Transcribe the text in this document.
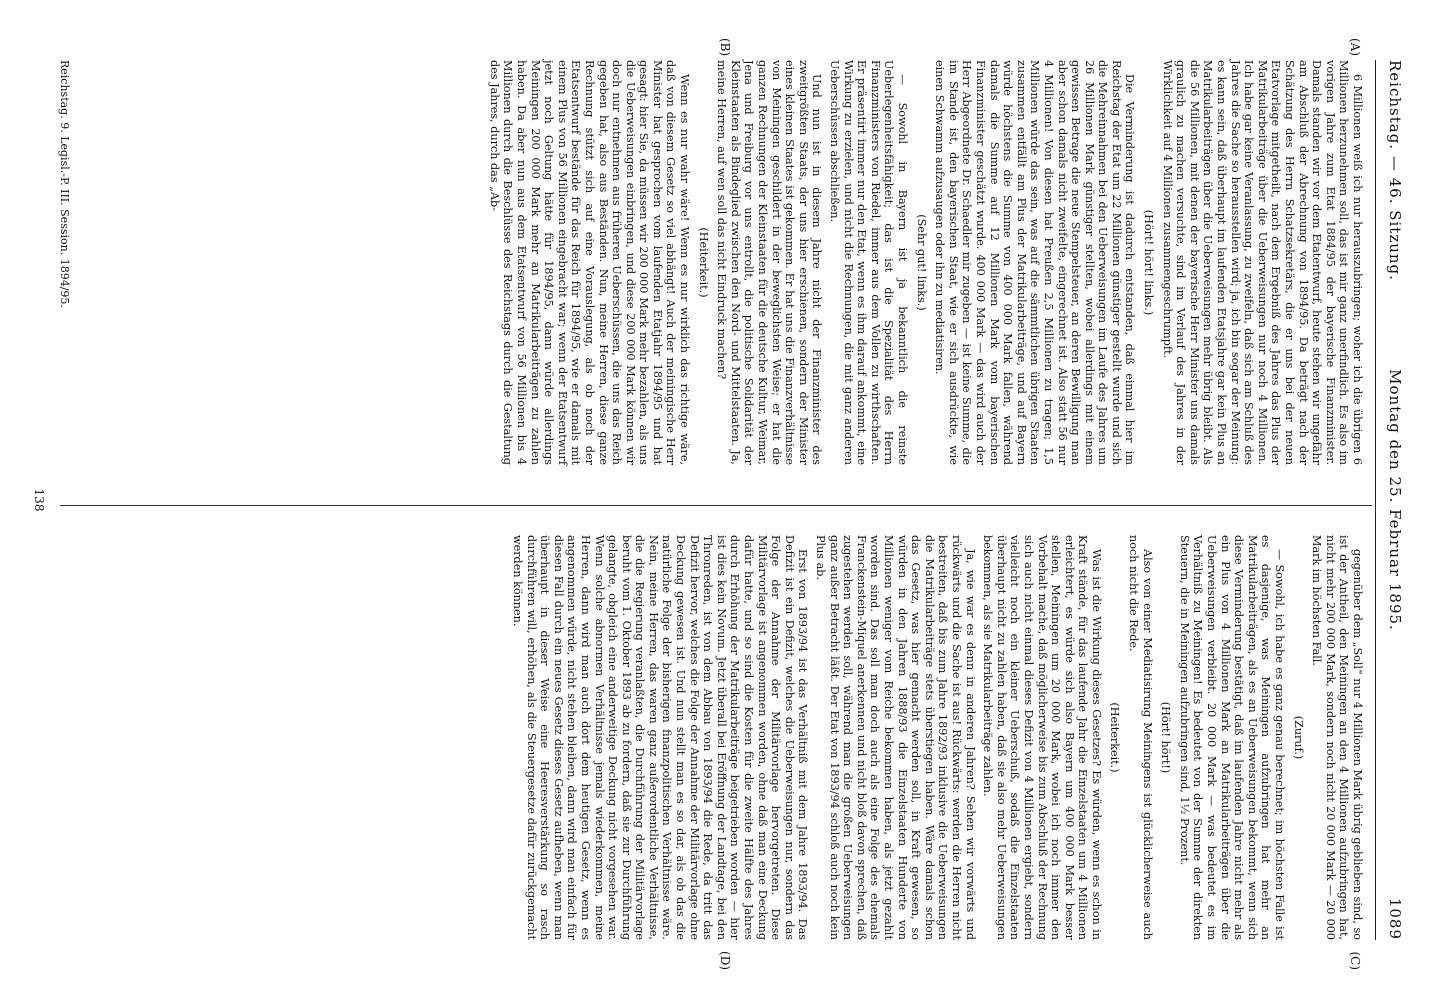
Reichstag. — 46. Sitzung.
Montag den 25. Februar 1895.
1089
(A)
(B)
(C)
(D)

6 Millionen weiß ich nur herauszubringen; woher ich die übrigen 6 Millionen herzunehmen soll, das ist mir ganz unerfindlich. Es also im vorigen Jahre zum Etat 1884/95 der bayerische Finanzminister. Damals standen wir vor dem Etatentwurf, heute stehen wir ungefähr am Abschluß der Abrechnung von 1894/95. Da beträgt nach der Schätzung des Herrn Schatzsekretärs, die er uns bei der neuen Etatvorlage mitgetheilt, nach dem Ergebniß des Jahres das Plus der Matrikularbeiträge über die Ueberweisungen nur noch 4 Millionen. Ich habe gar keine Veranlassung, zu zweifeln, daß sich am Schluß des Jahres die Sache so herausstellen wird; ja, ich bin sogar der Meinung: es kann sein, daß überhaupt im laufenden Etatsjahre gar kein Plus an Matrikularbeiträgen über die Ueberweisungen mehr übrig bleibt. Als die 56 Millionen, mit denen der bayerische Herr Minister uns damals graulich zu machen versuchte, sind im Verlauf des Jahres in der Wirklichkeit auf 4 Millionen zusammengeschrumpft.

(Hört! hört! links.)

Die Verminderung ist dadurch entstanden, daß einmal hier im Reichstag der Etat um 22 Millionen günstiger gestellt wurde und sich die Mehreinnahmen bei den Ueberweisungen im Laufe des Jahres um 26 Millionen Mark günstiger stellten, wobei allerdings mit einem gewissen Betrage die neue Stempelsteuer, an deren Bewilligung man aber schon damals nicht zweifelte, eingerechnet ist. Also statt 56 nur 4 Millionen! Von diesen hat Preußen 2,5 Millionen zu tragen; 1,5 Millionen würde das sein, was auf die sämmtlichen übrigen Staaten zusammen entfällt am Plus der Matrikularbeiträge, und auf Bayern würde höchstens die Summe von 400 000 Mark fallen, während damals die Summe auf 12 Millionen Mark vom bayerischen Finanzminister geschätzt wurde. 400 000 Mark — das wird auch der Herr Abgeordnete Dr. Schaedler mir zugeben — ist keine Summe, die im Stande ist, den bayerischen Staat, wie er sich ausdrückte, wie einen Schwamm aufzusaugen oder ihn zu mediatisiren.

(Sehr gut! links.)

— Sowohl in Bayern ist ja bekanntlich die reinste Ueberlegenheitsfähigkeit; das ist die Spezialität des Herrn Finanzministers von Riedel, immer aus dem Vollen zu wirthschaften. Er präsentirt immer nur den Etat, wenn es ihm darauf ankommt, eine Wirkung zu erzielen, und nicht die Rechnungen, die mit ganz anderen Ueberschüssen abschließen.

Und nun ist in diesem Jahre nicht der Finanzminister des zweitgrößten Staats, der uns hier erschienen, sondern der Minister eines kleinen Staates ist gekommen. Er hat uns die Finanzverhältnisse von Meiningen geschildert in der beweglichsten Weise; er hat die ganzen Rechnungen der Kleinstaaten für die deutsche Kultur, Weimar, Jena und Freiburg vor uns entrollt, die politische Solidarität der Kleinstaaten als Bindeglied zwischen den Nord- und Mittelstaaten. Ja, meine Herren, auf wen soll das nicht Eindruck machen?

(Heiterkeit.)

Wenn es nur wahr wäre! Wenn es nur wirklich das richtige wäre, daß von diesem Gesetz so viel abhängt! Auch der meiningische Herr Minister hat gesprochen vom laufenden Etatjahr 1894/95 und hat gesagt: hier Sie, da müssen wir 200 000 Mark mehr bezahlen, als uns die Ueberweisungen einbringen, und diese 200 000 Mark können wir doch nur entnehmen aus früheren Ueberschüssen, die uns das Reich gegeben hat, also aus Beständen. Nun, meine Herren, diese ganze Rechnung stützt sich auf eine Vorauslegung, als ob noch der Etatsentwurf bestände für das Reich für 1894/95, wie er damals mit einem Plus von 56 Millionen eingebracht war; wenn der Etatsentwurf jetzt noch Geltung hätte für 1894/95, dann würde allerdings Meiningen 200 000 Mark mehr an Matrikularbeiträgen zu zahlen haben. Da aber nun aus dem Etatsentwurf von 56 Millionen bis 4 Millionen durch die Beschlüsse des Reichstags durch die Gestaltung des Jahres, durch das „Ab-

gegenüber dem „Soll“ nur 4 Millionen Mark übrig geblieben sind, so ist der Antheil, den Meiningen an den 4 Millionen aufzubringen hat, nicht mehr 200 000 Mark, sondern noch nicht 20 000 Mark — 20 000 Mark im höchsten Fall.

(Zuruf.)

— Sowohl, ich habe es ganz genau berechnet; im höchsten Falle ist es dasjenige, was Meiningen aufzubringen hat mehr an Matrikularbeiträgen, als es an Ueberweisungen bekommt, wenn sich diese Verminderung bestätigt, daß im laufenden Jahre nicht mehr als ein Plus von 4 Millionen Mark an Matrikularbeiträgen über die Ueberweisungen verbleibt. 20 000 Mark — was bedeutet es im Verhältniß zu Meiningen! Es bedeutet von der Summe der direkten Steuern, die in Meiningen aufzubringen sind, 1½ Prozent.

(Hört! hört!)

Also von einer Mediatisirung Meiningens ist glücklicherweise auch noch nicht die Rede.

(Heiterkeit.)

Was ist die Wirkung dieses Gesetzes? Es würden, wenn es schon in Kraft stände, für das laufende Jahr die Einzelstaaten um 4 Millionen erleichtert, es würde sich also Bayern um 400 000 Mark besser stellen, Meiningen um 20 000 Mark, wobei ich noch immer den Vorbehalt mache, daß möglicherweise bis zum Abschluß der Rechnung sich auch nicht einmal dieses Defizit von 4 Millionen ergiebt, sondern vielleicht noch ein kleiner Ueberschuß, sodaß die Einzelstaaten überhaupt nicht zu zahlen haben, daß sie also mehr Ueberweisungen bekommen, als sie Matrikularbeiträge zahlen.

Ja, wie war es denn in anderen Jahren? Sehen wir vorwärts und rückwärts und die Sache ist aus! Rückwärts: werden die Herren nicht bestreiten, daß bis zum Jahre 1892/93 inklusive die Ueberweisungen die Matrikularbeiträge stets überstiegen haben. Wäre damals schon das Gesetz, was hier gemacht werden soll, in Kraft gewesen, so würden in den Jahren 1888/93 die Einzelstaaten Hunderte von Millionen weniger vom Reiche bekommen haben, als jetzt gezahlt worden sind. Das soll man doch auch als eine Folge des ehemals Franckenstein-Miquel anerkennen und nicht bloß davon sprechen, daß zugestehen werden soll, während man die großen Ueberweisungen ganz außer Betracht läßt. Der Etat von 1893/94 schloß auch noch kein Plus ab.

Erst von 1893/94 ist das Verhältniß mit dem Jahre 1893/94. Das Defizit ist ein Defizit, welches die Ueberweisungen nur, sondern das Folge der Annahme der Militärvorlage hervorgetreten. Diese Militärvorlage ist angenommen worden, ohne daß man eine Deckung dafür hatte, und so sind die Kosten für die zweite Hälfte des Jahres durch Erhöhung der Matrikularbeiträge beigetrieben worden — hier ist dies kein Novum. Jetzt überall bei Eröffnung der Landtage, bei den Thronreden, ist von dem Abbau von 1893/94 die Rede, da tritt das Defizit hervor, welches die Folge der Annahme der Militärvorlage ohne Deckung gewesen ist. Und nun stellt man es so dar, als ob das die natürliche Folge der bisherigen finanzpolitischen Verhältnisse wäre. Nein, meine Herren, das waren ganz außerordentliche Verhältnisse, die die Regierung veranlaßten, die Durchführung der Militärvorlage beruht vom 1. Oktober 1893 ab zu fordern, daß sie zur Durchführung gelangte, obgleich eine anderweitige Deckung nicht vorgesehen war. Wenn solche abnormen Verhältnisse jemals wiederkommen, meine Herren, dann wird man auch dort dem heutigen Gesetz, wenn es angenommen würde, nicht stehen bleiben, dann wird man einfach für diesen Fall durch ein neues Gesetz dieses Gesetz aufheben, wenn man überhaupt in dieser Weise eine Heeresverstärkung so rasch durchführen will, erhöhen, als die Steuergesetze dafür zurückgemacht werden können.

Reichstag. 9. Legisl.-P. III. Session. 1894/95.
138
